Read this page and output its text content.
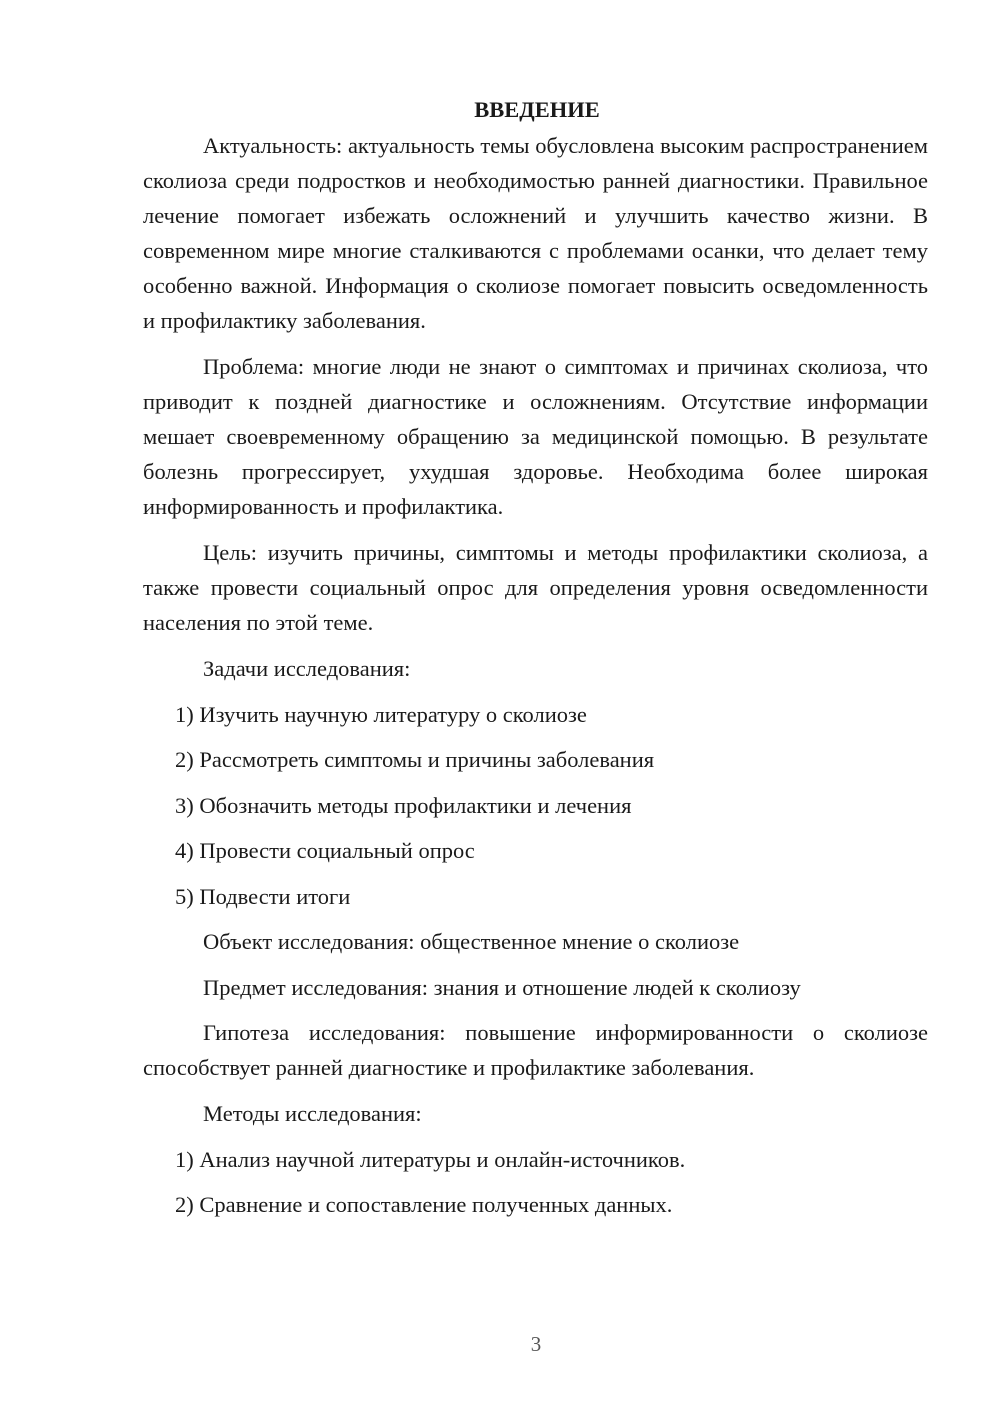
ВВЕДЕНИЕ

Актуальность: актуальность темы обусловлена высоким распространением сколиоза среди подростков и необходимостью ранней диагностики. Правильное лечение помогает избежать осложнений и улучшить качество жизни. В современном мире многие сталкиваются с проблемами осанки, что делает тему особенно важной. Информация о сколиозе помогает повысить осведомленность и профилактику заболевания.

Проблема: многие люди не знают о симптомах и причинах сколиоза, что приводит к поздней диагностике и осложнениям. Отсутствие информации мешает своевременному обращению за медицинской помощью. В результате болезнь прогрессирует, ухудшая здоровье. Необходима более широкая информированность и профилактика.

Цель: изучить причины, симптомы и методы профилактики сколиоза, а также провести социальный опрос для определения уровня осведомленности населения по этой теме.

Задачи исследования:
1) Изучить научную литературу о сколиозе
2) Рассмотреть симптомы и причины заболевания
3) Обозначить методы профилактики и лечения
4) Провести социальный опрос
5) Подвести итоги
Объект исследования: общественное мнение о сколиозе
Предмет исследования: знания и отношение людей к сколиозу

Гипотеза исследования: повышение информированности о сколиозе способствует ранней диагностике и профилактике заболевания.

Методы исследования:
1) Анализ научной литературы и онлайн-источников.
2) Сравнение и сопоставление полученных данных.
3
